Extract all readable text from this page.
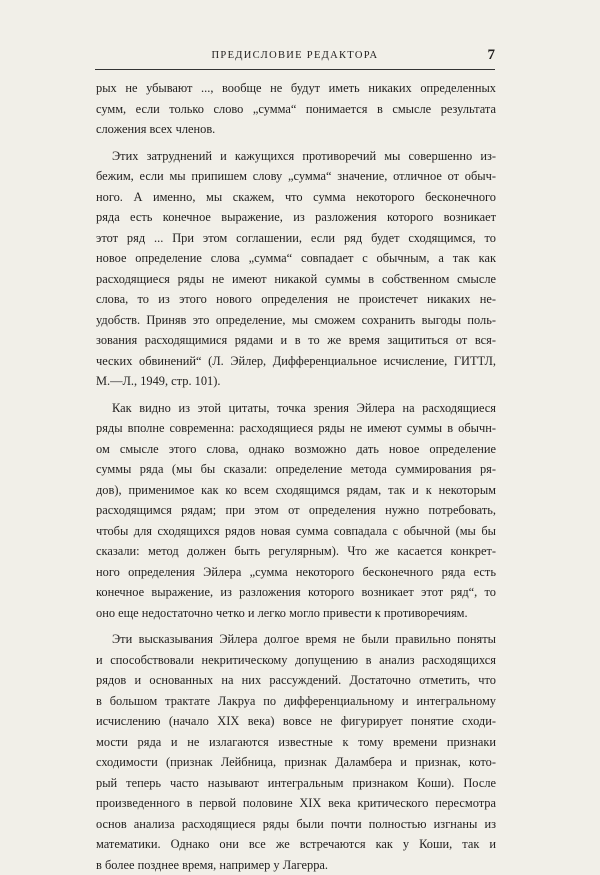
ПРЕДИСЛОВИЕ РЕДАКТОРА	7

рых не убывают ..., вообще не будут иметь никаких определенных

сумм, если только слово „сумма“ понимается в смысле результата

сложения всех членов.

Этих затруднений и кажущихся противоречий мы совершенно из-

бежим, если мы припишем слову „сумма“ значение, отличное от обыч-

ного. А именно, мы скажем, что сумма некоторого бесконечного

ряда есть конечное выражение, из разложения которого возникает

этот ряд ... При этом соглашении, если ряд будет сходящимся, то

новое определение слова „сумма“ совпадает с обычным, а так как

расходящиеся ряды не имеют никакой суммы в собственном смысле

слова, то из этого нового определения не проистечет никаких не-

удобств. Приняв это определение, мы сможем сохранить выгоды поль-

зования расходящимися рядами и в то же время защититься от вся-

ческих обвинений“ (Л. Эйлер, Дифференциальное исчисление, ГИТТЛ,

М.—Л., 1949, стр. 101).

Как видно из этой цитаты, точка зрения Эйлера на расходящиеся

ряды вполне современна: расходящиеся ряды не имеют суммы в обычн-

ом смысле этого слова, однако возможно дать новое определение

суммы ряда (мы бы сказали: определение метода суммирования ря-

дов), применимое как ко всем сходящимся рядам, так и к некоторым

расходящимся рядам; при этом от определения нужно потребовать,

чтобы для сходящихся рядов новая сумма совпадала с обычной (мы бы

сказали: метод должен быть регулярным). Что же касается конкрет-

ного определения Эйлера „сумма некоторого бесконечного ряда есть

конечное выражение, из разложения которого возникает этот ряд“, то

оно еще недостаточно четко и легко могло привести к противоречиям.

Эти высказывания Эйлера долгое время не были правильно поняты

и способствовали некритическому допущению в анализ расходящихся

рядов и основанных на них рассуждений. Достаточно отметить, что

в большом трактате Лакруа по дифференциальному и интегральному

исчислению (начало XIX века) вовсе не фигурирует понятие сходи-

мости ряда и не излагаются известные к тому времени признаки

сходимости (признак Лейбница, признак Даламбера и признак, кото-

рый теперь часто называют интегральным признаком Коши). После

произведенного в первой половине XIX века критического пересмотра

основ анализа расходящиеся ряды были почти полностью изгнаны из

математики. Однако они все же встречаются как у Коши, так и

в более позднее время, например у Лагерра.
